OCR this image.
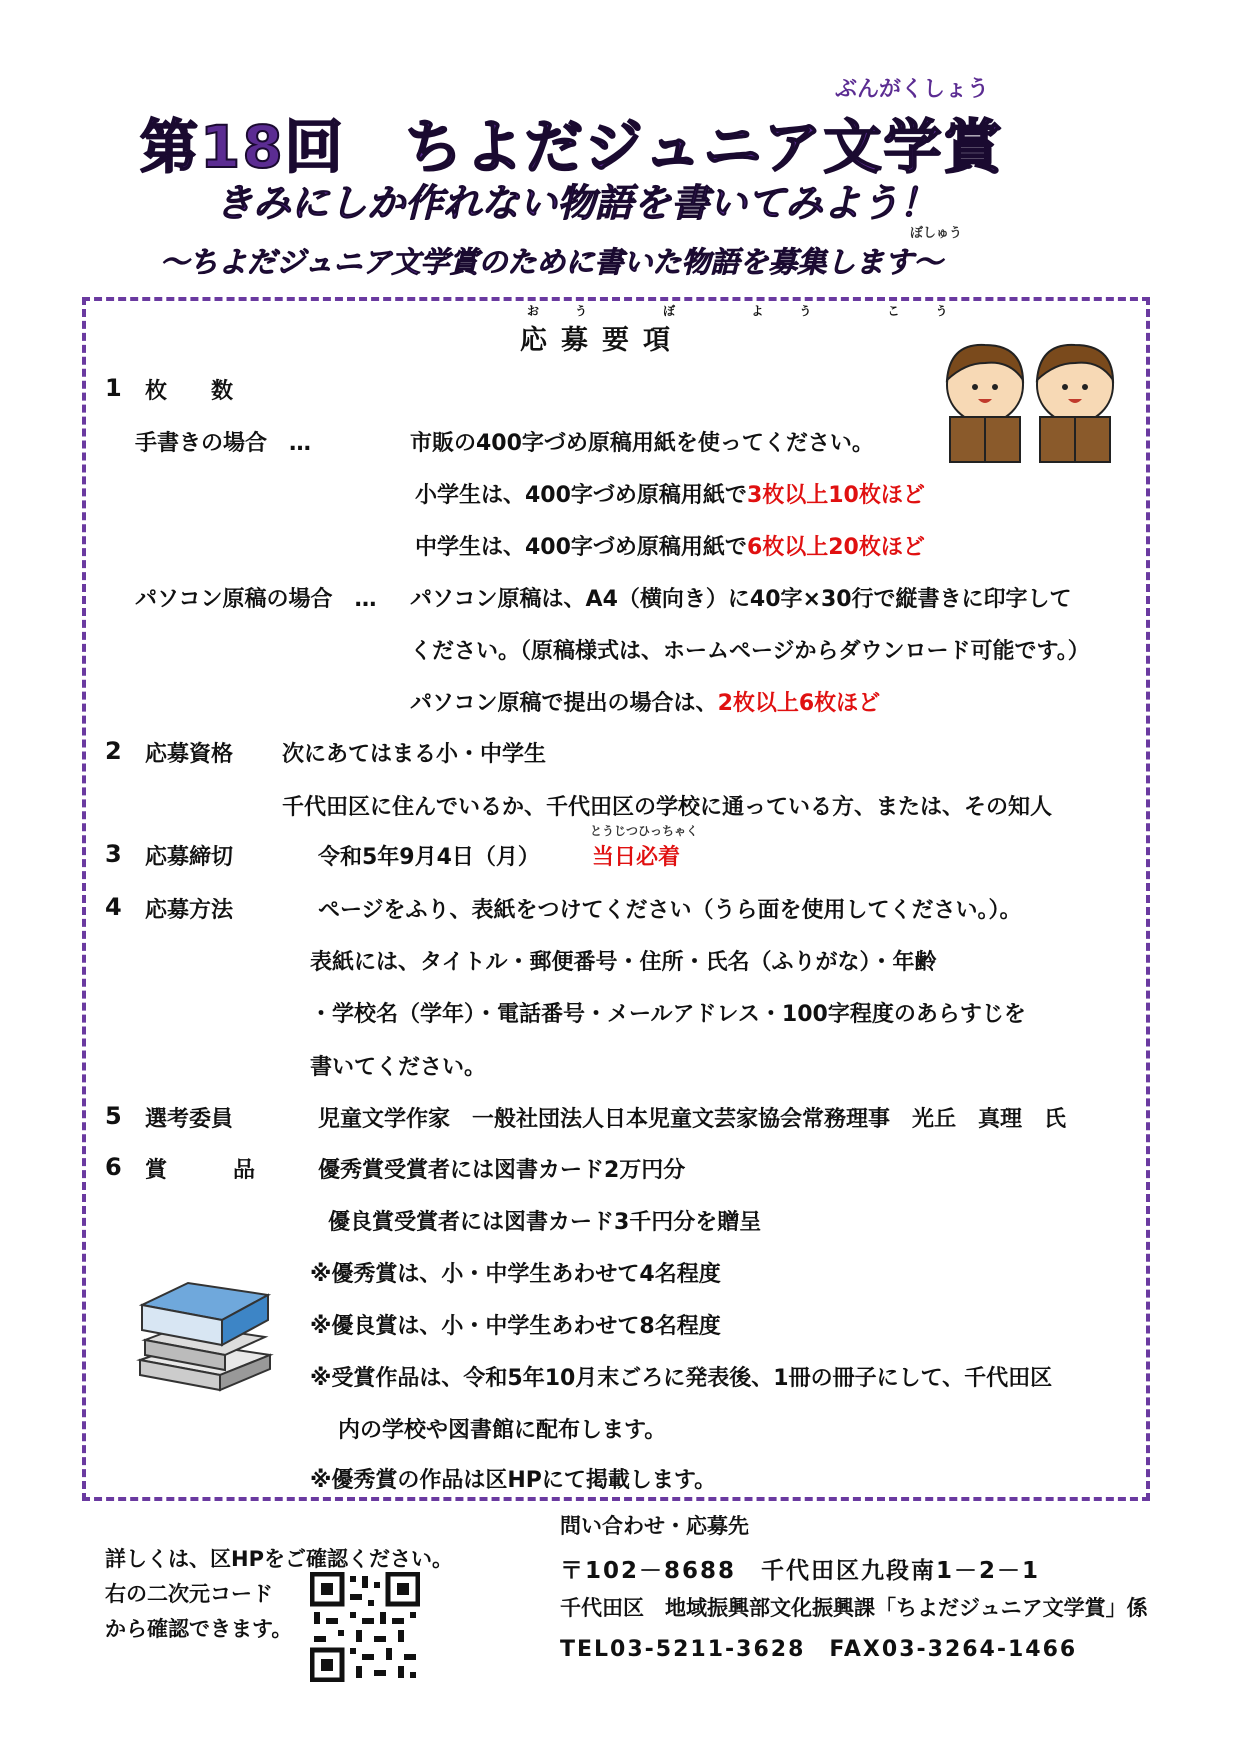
ぶんがくしょう
第18回　ちよだジュニア文学賞
きみにしか作れない物語を書いてみよう！
ぼしゅう
～ちよだジュニア文学賞のために書いた物語を募集します～
おう ぼ よう こう
応募要項
1 枚　　数
手書きの場合　…	市販の400字づめ原稿用紙を使ってください。
小学生は、400字づめ原稿用紙で3枚以上10枚ほど
中学生は、400字づめ原稿用紙で6枚以上20枚ほど
パソコン原稿の場合　… パソコン原稿は、A4（横向き）に40字×30行で縦書きに印字して
ください。（原稿様式は、ホームページからダウンロード可能です。）
パソコン原稿で提出の場合は、2枚以上6枚ほど
2 応募資格 次にあてはまる小・中学生
千代田区に住んでいるか、千代田区の学校に通っている方、または、その知人
3 応募締切	令和5年9月4日（月）
とうじつひっちゃく
当日必着
4 応募方法	ページをふり、表紙をつけてください（うら面を使用してください。）。
表紙には、タイトル・郵便番号・住所・氏名（ふりがな）・年齢
・学校名（学年）・電話番号・メールアドレス・100字程度のあらすじを
書いてください。
5 選考委員	児童文学作家　一般社団法人日本児童文芸家協会常務理事　光丘　真理　氏
6 賞　　　品	優秀賞受賞者には図書カード2万円分
優良賞受賞者には図書カード3千円分を贈呈
※優秀賞は、小・中学生あわせて4名程度
※優良賞は、小・中学生あわせて8名程度
※受賞作品は、令和5年10月末ごろに発表後、1冊の冊子にして、千代田区
内の学校や図書館に配布します。
※優秀賞の作品は区HPにて掲載します。
詳しくは、区HPをご確認ください。
右の二次元コード
から確認できます。
問い合わせ・応募先
〒102－8688　千代田区九段南1－2－1
千代田区　地域振興部文化振興課「ちよだジュニア文学賞」係
TEL03-5211-3628　FAX03-3264-1466
